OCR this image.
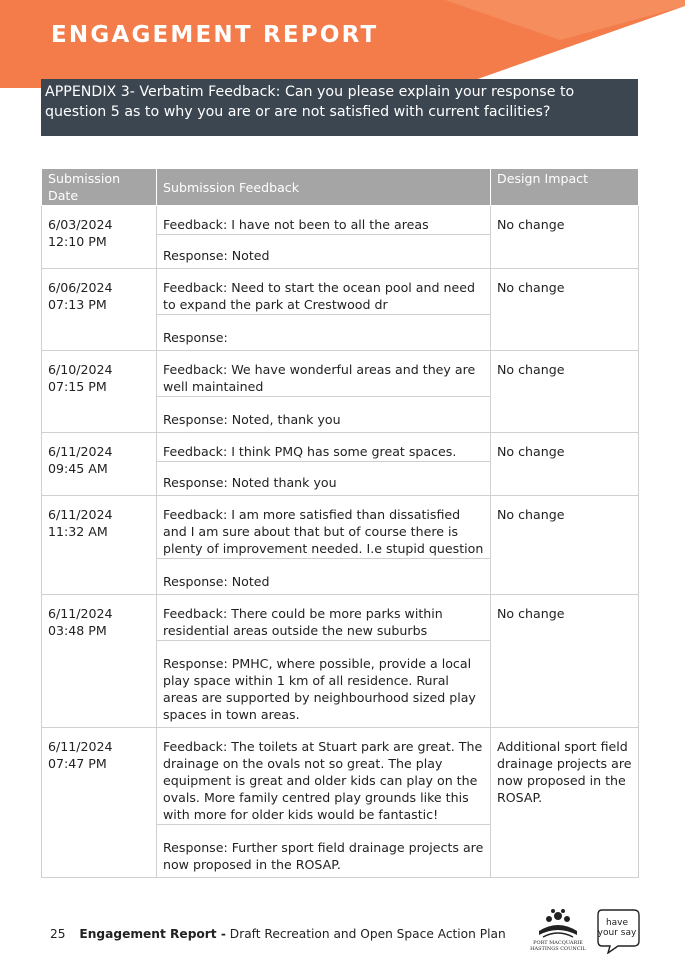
ENGAGEMENT REPORT
APPENDIX 3- Verbatim Feedback: Can you please explain your response to question 5 as to why you are or are not satisfied with current facilities?
Submission Date	Submission Feedback	Design Impact
6/03/2024 12:10 PM	Feedback: I have not been to all the areas
Response: Noted	No change
6/06/2024 07:13 PM	Feedback: Need to start the ocean pool and need to expand the park at Crestwood dr
Response:	No change
6/10/2024 07:15 PM	Feedback: We have wonderful areas and they are well maintained
Response: Noted, thank you	No change
6/11/2024 09:45 AM	Feedback: I think PMQ has some great spaces.
Response: Noted thank you	No change
6/11/2024 11:32 AM	Feedback: I am more satisfied than dissatisfied and I am sure about that but of course there is plenty of improvement needed. I.e stupid question
Response: Noted	No change
6/11/2024 03:48 PM	Feedback: There could be more parks within residential areas outside the new suburbs
Response: PMHC, where possible, provide a local play space within 1 km of all residence. Rural areas are supported by neighbourhood sized play spaces in town areas.	No change
6/11/2024 07:47 PM	Feedback: The toilets at Stuart park are great. The drainage on the ovals not so great. The play equipment is great and older kids can play on the ovals. More family centred play grounds like this with more for older kids would be fantastic!
Response: Further sport field drainage projects are now proposed in the ROSAP.	Additional sport field drainage projects are now proposed in the ROSAP.
25 Engagement Report - Draft Recreation and Open Space Action Plan
PORT MACQUARIE HASTINGS COUNCIL
have your say
